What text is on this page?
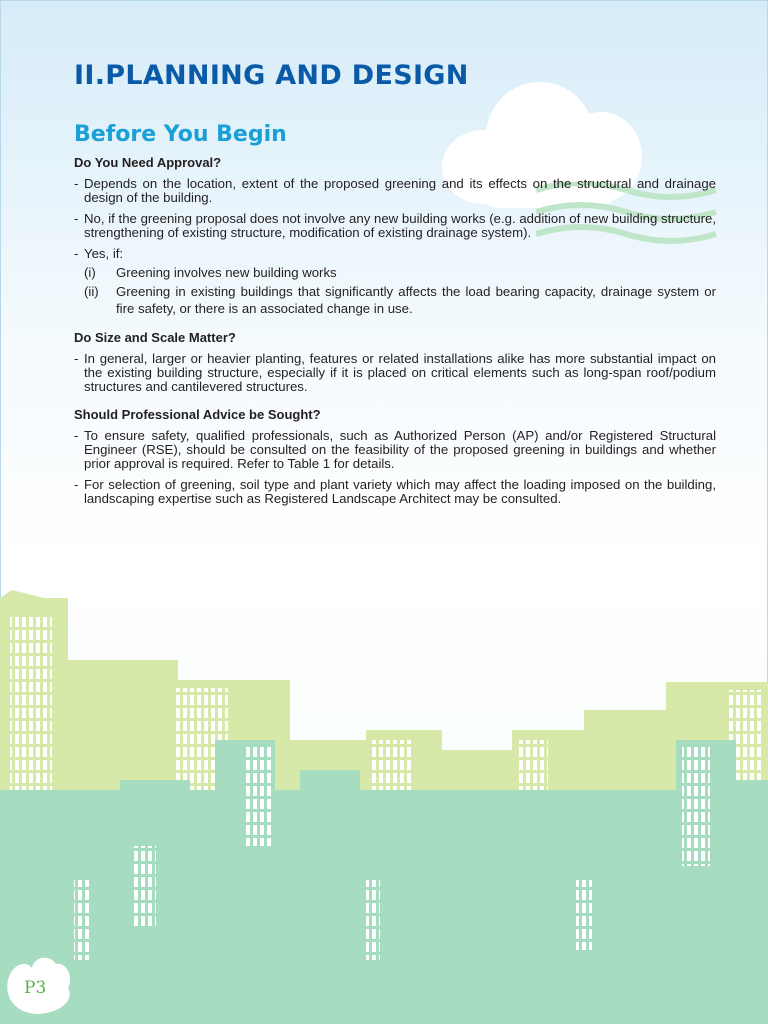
II.PLANNING AND DESIGN
Before You Begin

Do You Need Approval?

- Depends on the location, extent of the proposed greening and its effects on the structural and drainage design of the building.
- No, if the greening proposal does not involve any new building works (e.g. addition of new building structure, strengthening of existing structure, modification of existing drainage system).
- Yes, if:
(i) Greening involves new building works
(ii) Greening in existing buildings that significantly affects the load bearing capacity, drainage system or fire safety, or there is an associated change in use.

Do Size and Scale Matter?

- In general, larger or heavier planting, features or related installations alike has more substantial impact on the existing building structure, especially if it is placed on critical elements such as long-span roof/podium structures and cantilevered structures.

Should Professional Advice be Sought?

- To ensure safety, qualified professionals, such as Authorized Person (AP) and/or Registered Structural Engineer (RSE), should be consulted on the feasibility of the proposed greening in buildings and whether prior approval is required. Refer to Table 1 for details.
- For selection of greening, soil type and plant variety which may affect the loading imposed on the building, landscaping expertise such as Registered Landscape Architect may be consulted.
P3
